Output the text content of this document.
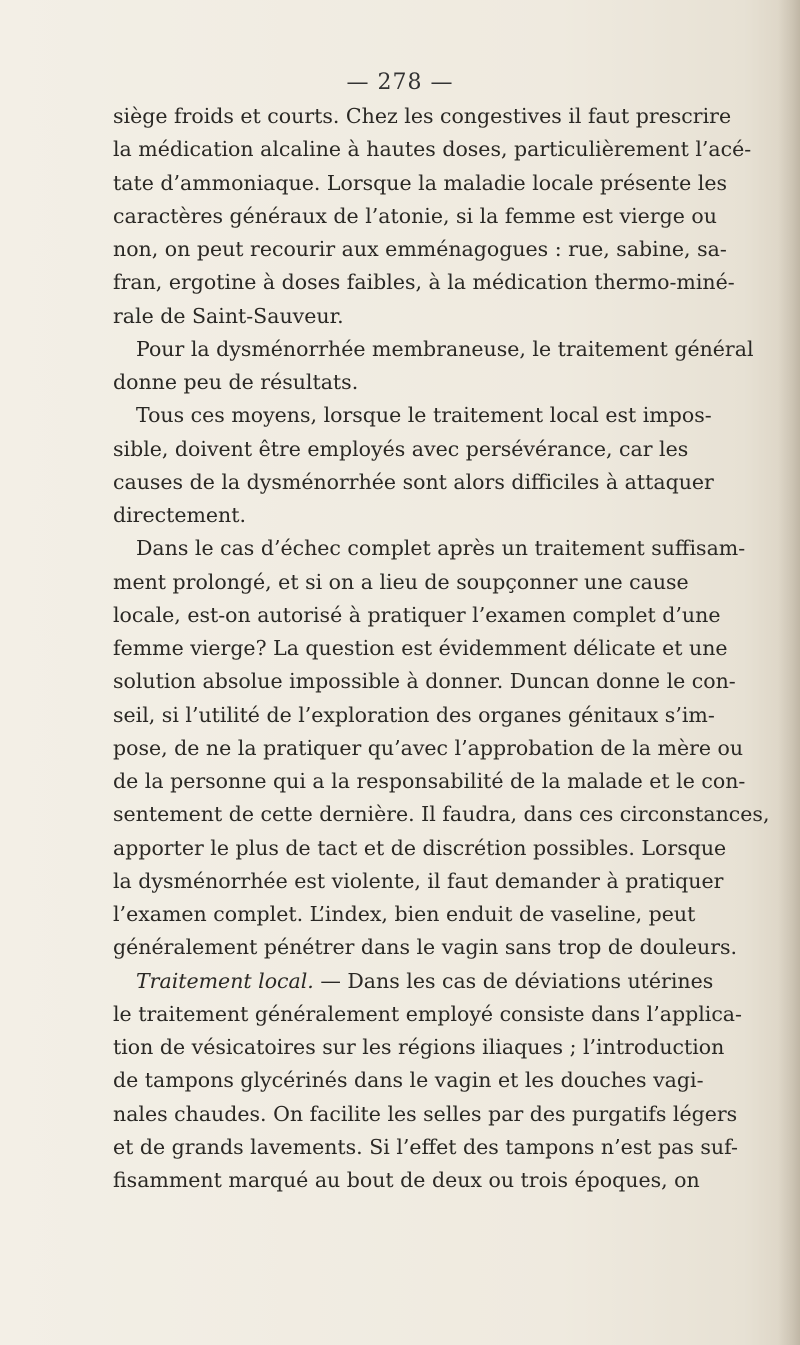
— 278 —
siège froids et courts. Chez les congestives il faut prescrire
la médication alcaline à hautes doses, particulièrement l’acé-
tate d’ammoniaque. Lorsque la maladie locale présente les
caractères généraux de l’atonie, si la femme est vierge ou
non, on peut recourir aux emménagogues : rue, sabine, sa-
fran, ergotine à doses faibles, à la médication thermo-miné-
rale de Saint-Sauveur.
Pour la dysménorrhée membraneuse, le traitement général
donne peu de résultats.
Tous ces moyens, lorsque le traitement local est impos-
sible, doivent être employés avec persévérance, car les
causes de la dysménorrhée sont alors difficiles à attaquer
directement.
Dans le cas d’échec complet après un traitement suffisam-
ment prolongé, et si on a lieu de soupçonner une cause
locale, est-on autorisé à pratiquer l’examen complet d’une
femme vierge? La question est évidemment délicate et une
solution absolue impossible à donner. Duncan donne le con-
seil, si l’utilité de l’exploration des organes génitaux s’im-
pose, de ne la pratiquer qu’avec l’approbation de la mère ou
de la personne qui a la responsabilité de la malade et le con-
sentement de cette dernière. Il faudra, dans ces circonstances,
apporter le plus de tact et de discrétion possibles. Lorsque
la dysménorrhée est violente, il faut demander à pratiquer
l’examen complet. L’index, bien enduit de vaseline, peut
généralement pénétrer dans le vagin sans trop de douleurs.
Traitement local. — Dans les cas de déviations utérines
le traitement généralement employé consiste dans l’applica-
tion de vésicatoires sur les régions iliaques ; l’introduction
de tampons glycérinés dans le vagin et les douches vagi-
nales chaudes. On facilite les selles par des purgatifs légers
et de grands lavements. Si l’effet des tampons n’est pas suf-
fisamment marqué au bout de deux ou trois époques, on
